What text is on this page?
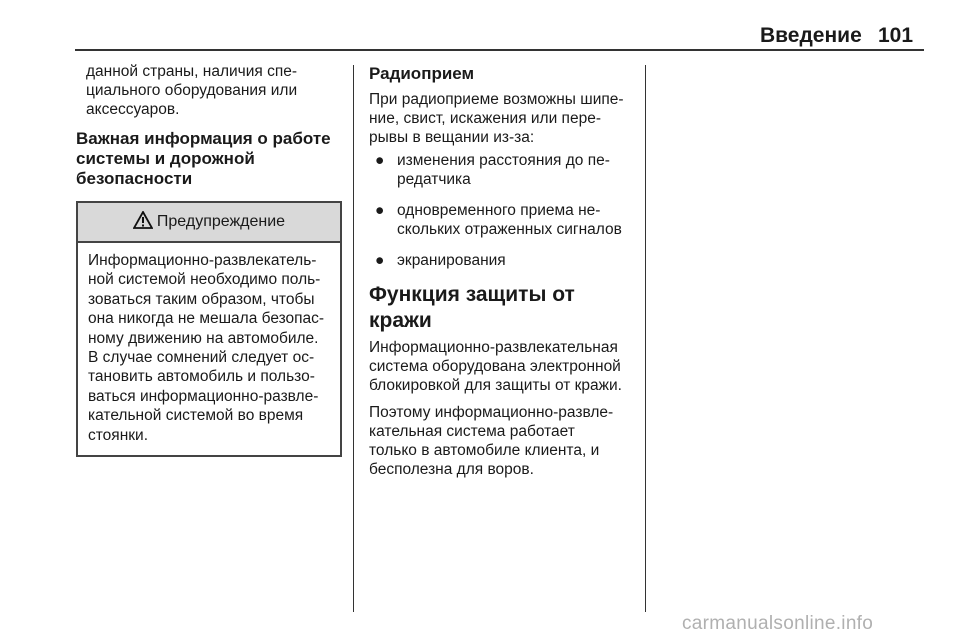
Введение 101

данной страны, наличия спе-

циального оборудования или

аксессуаров.

Важная информация о работе
системы и дорожной
безопасности
Предупреждение
Информационно-развлекатель-
ной системой необходимо поль-
зоваться таким образом, чтобы
она никогда не мешала безопас-
ному движению на автомобиле.
В случае сомнений следует ос-
тановить автомобиль и пользо-
ваться информационно-развле-
кательной системой во время
стоянки.
Радиоприем

При радиоприеме возможны шипе-

ние, свист, искажения или пере-

рывы в вещании из-за:

● изменения расстояния до пе-
редатчика
● одновременного приема не-
скольких отраженных сигналов
● экранирования
Функция защиты от кражи
Информационно-развлекательная
система оборудована электронной
блокировкой для защиты от кражи.
Поэтому информационно-развле-
кательная система работает
только в автомобиле клиента, и
бесполезна для воров.
carmanualsonline.info
